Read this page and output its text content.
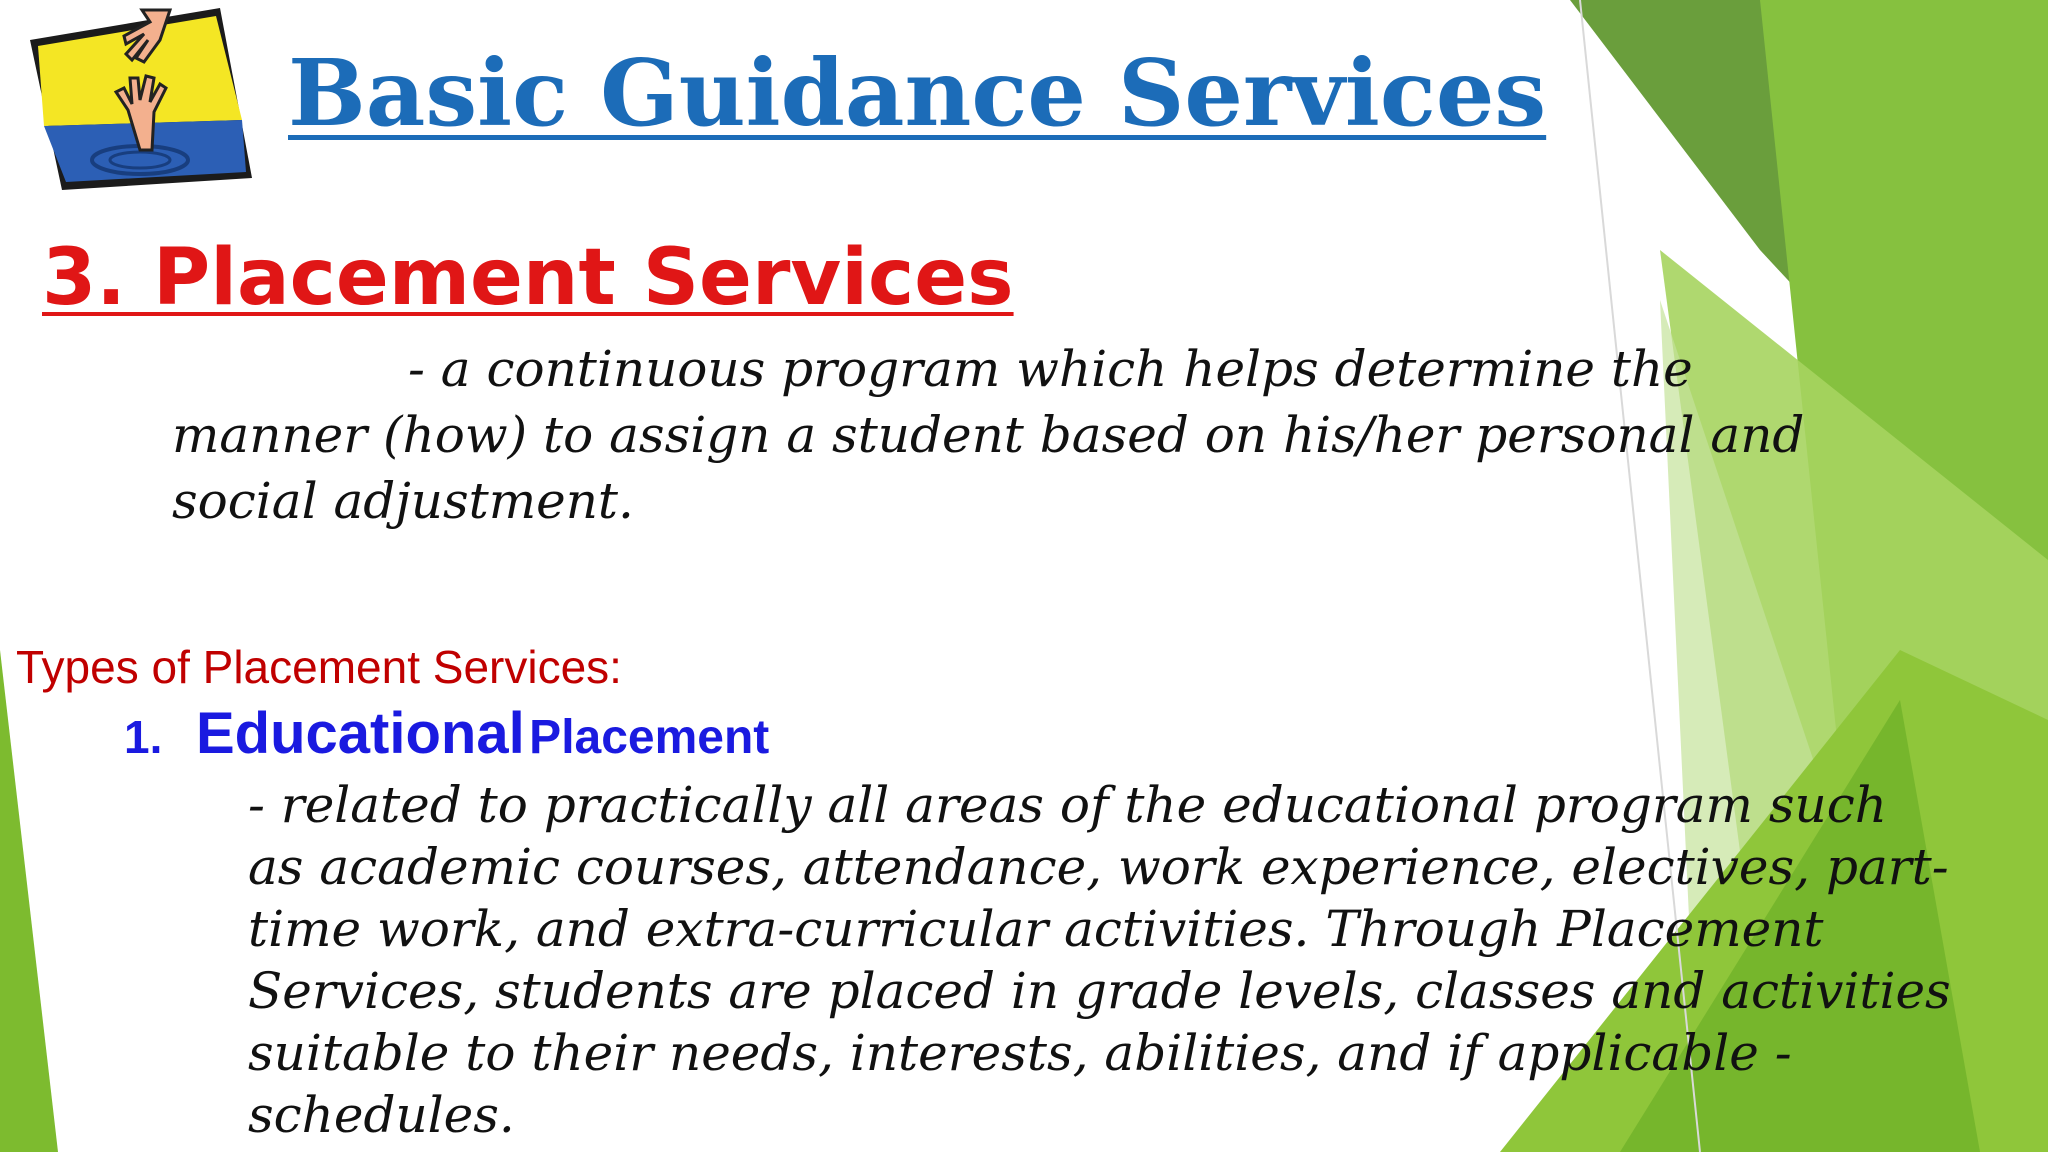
Basic Guidance Services
3. Placement Services

- a continuous program which helps determine the
manner (how) to assign a student based on his/her personal and
social adjustment.

Types of Placement Services:

1. Educational Placement

- related to practically all areas of the educational program such
as academic courses, attendance, work experience, electives, part-
time work, and extra-curricular activities. Through Placement
Services, students are placed in grade levels, classes and activities
suitable to their needs, interests, abilities, and if applicable -
schedules.
